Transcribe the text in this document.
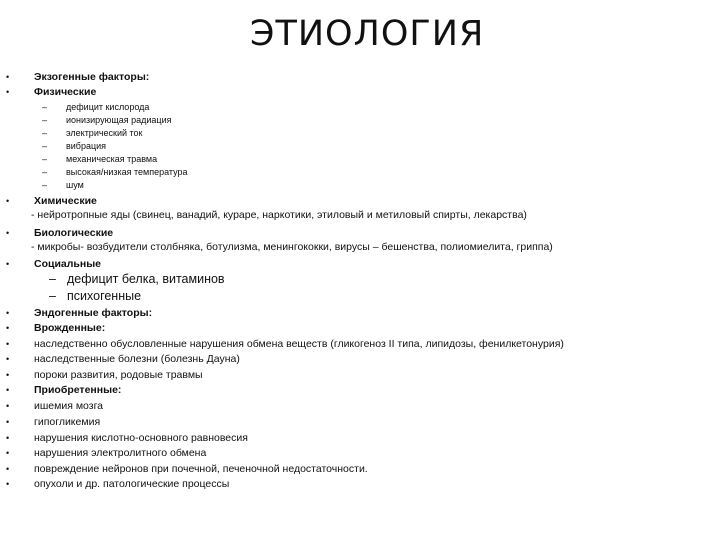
ЭТИОЛОГИЯ
• Экзогенные факторы:
• Физические
– дефицит кислорода
– ионизирующая радиация
– электрический ток
– вибрация
– механическая травма
– высокая/низкая температура
– шум
• Химические
- нейротропные яды (свинец, ванадий, кураре, наркотики, этиловый и метиловый спирты, лекарства)
• Биологические
- микробы- возбудители столбняка, ботулизма, менингококки, вирусы – бешенства, полиомиелита, гриппа)
• Социальные
– дефицит белка, витаминов
– психогенные
• Эндогенные факторы:
• Врожденные:
• наследственно обусловленные нарушения обмена веществ (гликогеноз II типа, липидозы, фенилкетонурия)
• наследственные болезни (болезнь Дауна)
• пороки развития, родовые травмы
• Приобретенные:
• ишемия мозга
• гипогликемия
• нарушения кислотно-основного равновесия
• нарушения электролитного обмена
• повреждение нейронов при почечной, печеночной недостаточности.
• опухоли и др. патологические процессы
